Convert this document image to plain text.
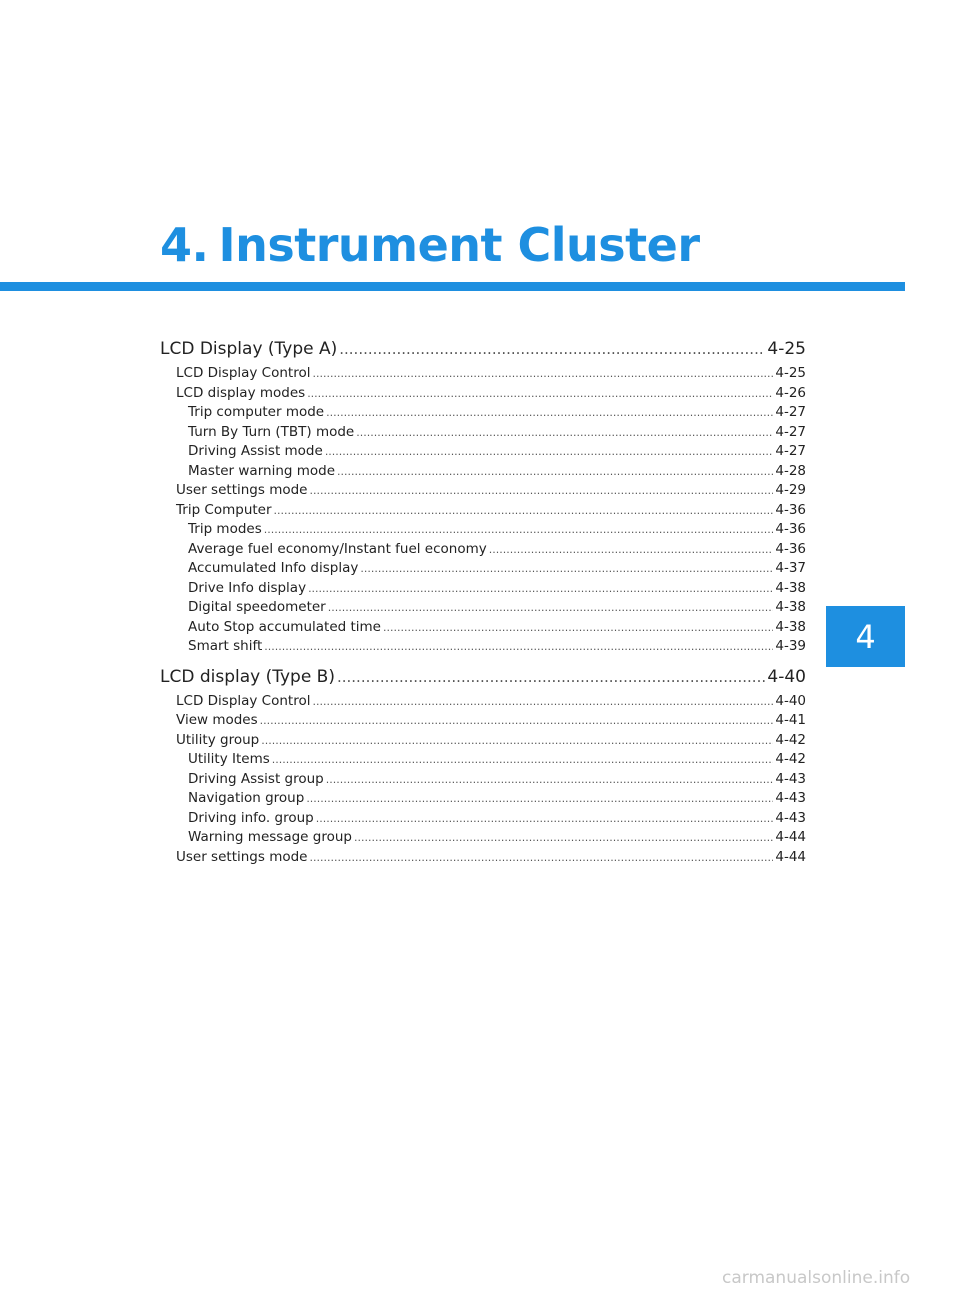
4. Instrument Cluster
4
LCD Display (Type A) .....	4-25
LCD Display Control .....	4-25
LCD display modes .....	4-26
Trip computer mode .....	4-27
Turn By Turn (TBT) mode .....	4-27
Driving Assist mode .....	4-27
Master warning mode .....	4-28
User settings mode .....	4-29
Trip Computer .....	4-36
Trip modes .....	4-36
Average fuel economy/Instant fuel economy .....	4-36
Accumulated Info display .....	4-37
Drive Info display .....	4-38
Digital speedometer .....	4-38
Auto Stop accumulated time .....	4-38
Smart shift .....	4-39
LCD display (Type B) .....	4-40
LCD Display Control .....	4-40
View modes .....	4-41
Utility group .....	4-42
Utility Items .....	4-42
Driving Assist group .....	4-43
Navigation group .....	4-43
Driving info. group .....	4-43
Warning message group .....	4-44
User settings mode .....	4-44
carmanualsonline.info
